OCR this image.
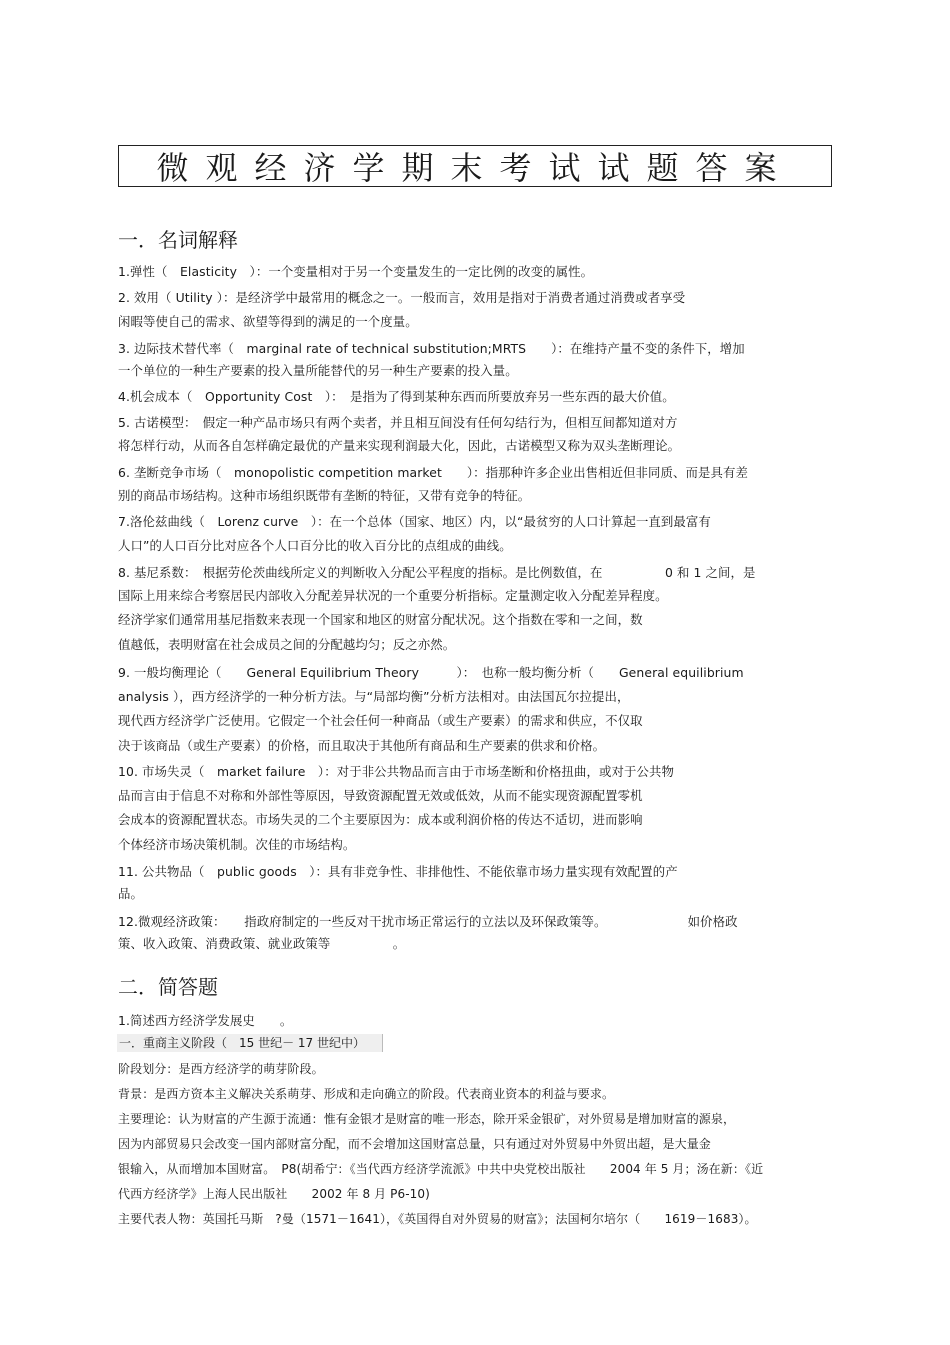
微观经济学期末考试试题答案
一．名词解释
1.弹性（　Elasticity　）：一个变量相对于另一个变量发生的一定比例的改变的属性。
2. 效用（ Utility ）：是经济学中最常用的概念之一。一般而言，效用是指对于消费者通过消费或者享受
闲暇等使自己的需求、欲望等得到的满足的一个度量。
3. 边际技术替代率（　marginal rate of technical substitution;MRTS　　）：在维持产量不变的条件下，增加
一个单位的一种生产要素的投入量所能替代的另一种生产要素的投入量。
4.机会成本（　Opportunity Cost　）：　是指为了得到某种东西而所要放弃另一些东西的最大价值。
5. 古诺模型：　假定一种产品市场只有两个卖者，并且相互间没有任何勾结行为，但相互间都知道对方
将怎样行动，从而各自怎样确定最优的产量来实现利润最大化，因此，古诺模型又称为双头垄断理论。
6. 垄断竞争市场（　monopolistic competition market　　）：指那种许多企业出售相近但非同质、而是具有差
别的商品市场结构。这种市场组织既带有垄断的特征，又带有竞争的特征。
7.洛伦兹曲线（　Lorenz curve　）：在一个总体（国家、地区）内，以“最贫穷的人口计算起一直到最富有
人口”的人口百分比对应各个人口百分比的收入百分比的点组成的曲线。
8. 基尼系数：　根据劳伦茨曲线所定义的判断收入分配公平程度的指标。是比例数值，在　　　　　0 和 1 之间，是
国际上用来综合考察居民内部收入分配差异状况的一个重要分析指标。定量测定收入分配差异程度。
经济学家们通常用基尼指数来表现一个国家和地区的财富分配状况。这个指数在零和一之间，数
值越低，表明财富在社会成员之间的分配越均匀；反之亦然。
9. 一般均衡理论（　　General Equilibrium Theory　　　）：　也称一般均衡分析（　　General equilibrium
analysis ），西方经济学的一种分析方法。与“局部均衡”分析方法相对。由法国瓦尔拉提出，
现代西方经济学广泛使用。它假定一个社会任何一种商品（或生产要素）的需求和供应，不仅取
决于该商品（或生产要素）的价格，而且取决于其他所有商品和生产要素的供求和价格。
10. 市场失灵（　market failure　）：对于非公共物品而言由于市场垄断和价格扭曲，或对于公共物
品而言由于信息不对称和外部性等原因，导致资源配置无效或低效，从而不能实现资源配置零机
会成本的资源配置状态。市场失灵的二个主要原因为：成本或利润价格的传达不适切，进而影响
个体经济市场决策机制。次佳的市场结构。
11. 公共物品（　public goods　）：具有非竞争性、非排他性、不能依靠市场力量实现有效配置的产
品。
12.微观经济政策：　　指政府制定的一些反对干扰市场正常运行的立法以及环保政策等。　　　　　　　如价格政
策、收入政策、消费政策、就业政策等　　　　　。
二．简答题
1.简述西方经济学发展史　　。
一．重商主义阶段（　15 世纪－ 17 世纪中）
阶段划分：是西方经济学的萌芽阶段。
背景：是西方资本主义解决关系萌芽、形成和走向确立的阶段。代表商业资本的利益与要求。
主要理论：认为财富的产生源于流通：惟有金银才是财富的唯一形态，除开采金银矿，对外贸易是增加财富的源泉，
因为内部贸易只会改变一国内部财富分配，而不会增加这国财富总量，只有通过对外贸易中外贸出超，是大量金
银输入，从而增加本国财富。　P8(胡希宁：《当代西方经济学流派》中共中央党校出版社　　2004 年 5 月；汤在新：《近
代西方经济学》上海人民出版社　　2002 年 8 月 P6-10)
主要代表人物：英国托马斯　?曼（1571－1641），《英国得自对外贸易的财富》；法国柯尔培尔（　　1619－1683）。
